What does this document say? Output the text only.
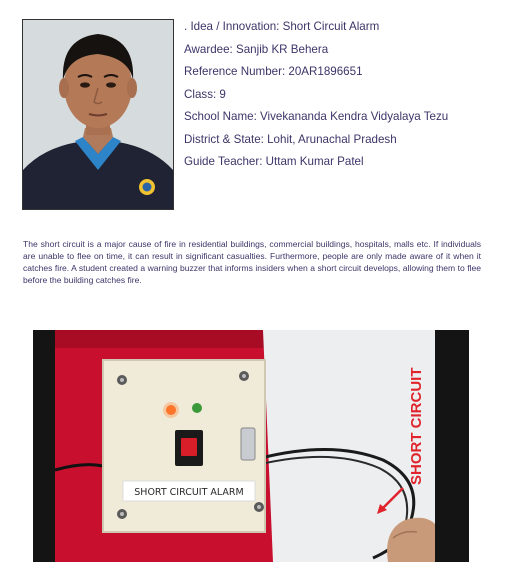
. Idea / Innovation: Short Circuit Alarm
Awardee: Sanjib KR Behera
Reference Number: 20AR1896651
Class: 9
School Name: Vivekananda Kendra Vidyalaya Tezu
District & State: Lohit, Arunachal Pradesh
Guide Teacher: Uttam Kumar Patel

The short circuit is a major cause of fire in residential buildings, commercial buildings, hospitals, malls etc. If individuals are unable to flee on time, it can result in significant casualties. Furthermore, people are only made aware of it when it catches fire. A student created a warning buzzer that informs insiders when a short circuit develops, allowing them to flee before the building catches fire.

SHORT CIRCUIT ALARM
SHORT CIRCUIT
